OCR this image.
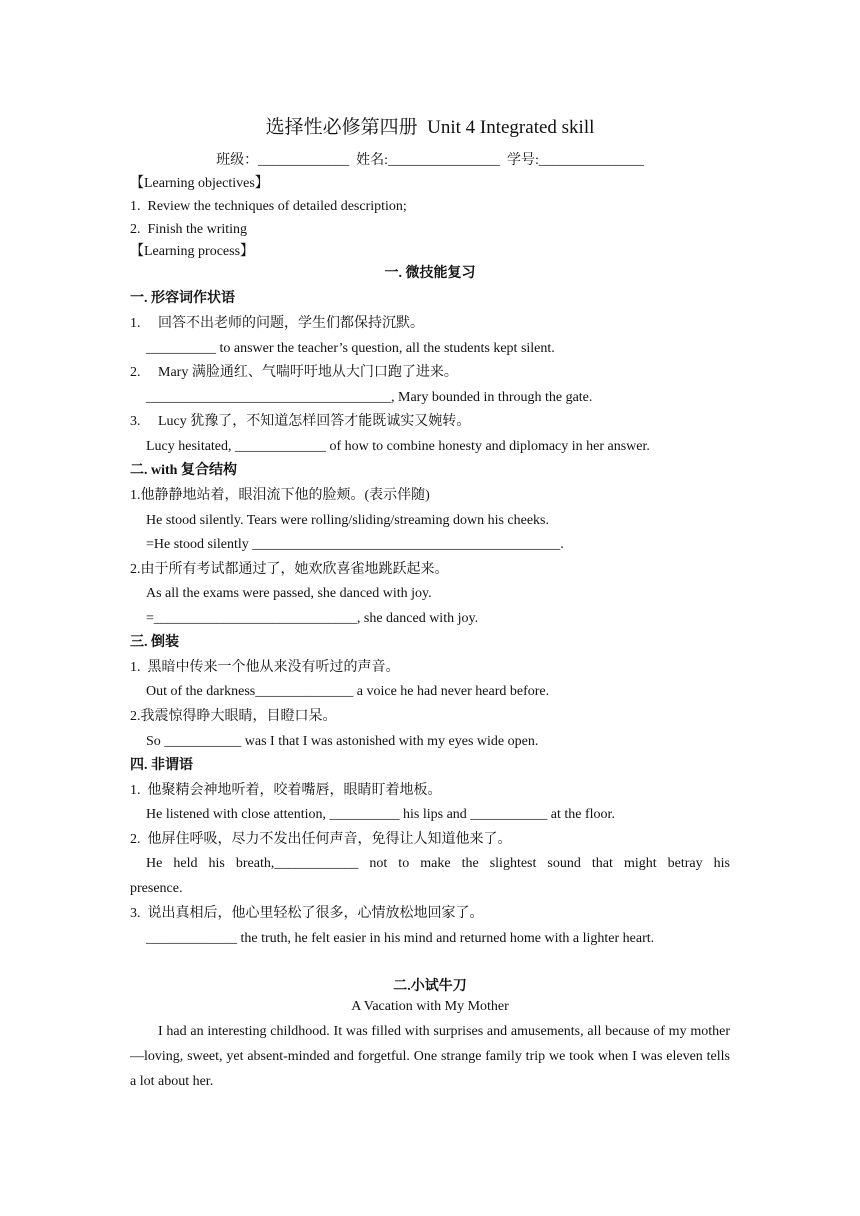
选择性必修第四册  Unit 4 Integrated skill
班级：_____________  姓名:________________  学号:_______________
【Learning objectives】
1.  Review the techniques of detailed description;
2.  Finish the writing
【Learning process】
一. 微技能复习
一. 形容词作状语
1.     回答不出老师的问题，学生们都保持沉默。
__________ to answer the teacher’s question, all the students kept silent.
2.     Mary 满脸通红、气喘吁吁地从大门口跑了进来。
___________________________________, Mary bounded in through the gate.
3.     Lucy 犹豫了，不知道怎样回答才能既诚实又婉转。
Lucy hesitated, _____________ of how to combine honesty and diplomacy in her answer.
二. with 复合结构
1.他静静地站着，眼泪流下他的脸颊。(表示伴随)
He stood silently. Tears were rolling/sliding/streaming down his cheeks.
=He stood silently ____________________________________________.
2.由于所有考试都通过了，她欢欣喜雀地跳跃起来。
As all the exams were passed, she danced with joy.
=_____________________________, she danced with joy.
三. 倒装
1.  黑暗中传来一个他从来没有听过的声音。
Out of the darkness______________ a voice he had never heard before.
2.我震惊得睁大眼睛，目瞪口呆。
So ___________ was I that I was astonished with my eyes wide open.
四. 非谓语
1.  他聚精会神地听着，咬着嘴唇，眼睛盯着地板。
He listened with close attention, __________ his lips and ___________ at the floor.
2.  他屏住呼吸，尽力不发出任何声音，免得让人知道他来了。
He held his breath,____________ not to make the slightest sound that might betray his
presence.
3.  说出真相后，他心里轻松了很多，心情放松地回家了。
_____________ the truth, he felt easier in his mind and returned home with a lighter heart.
二.小试牛刀
A Vacation with My Mother
I had an interesting childhood. It was filled with surprises and amusements, all because of my mother—loving, sweet, yet absent-minded and forgetful. One strange family trip we took when I was eleven tells a lot about her.
